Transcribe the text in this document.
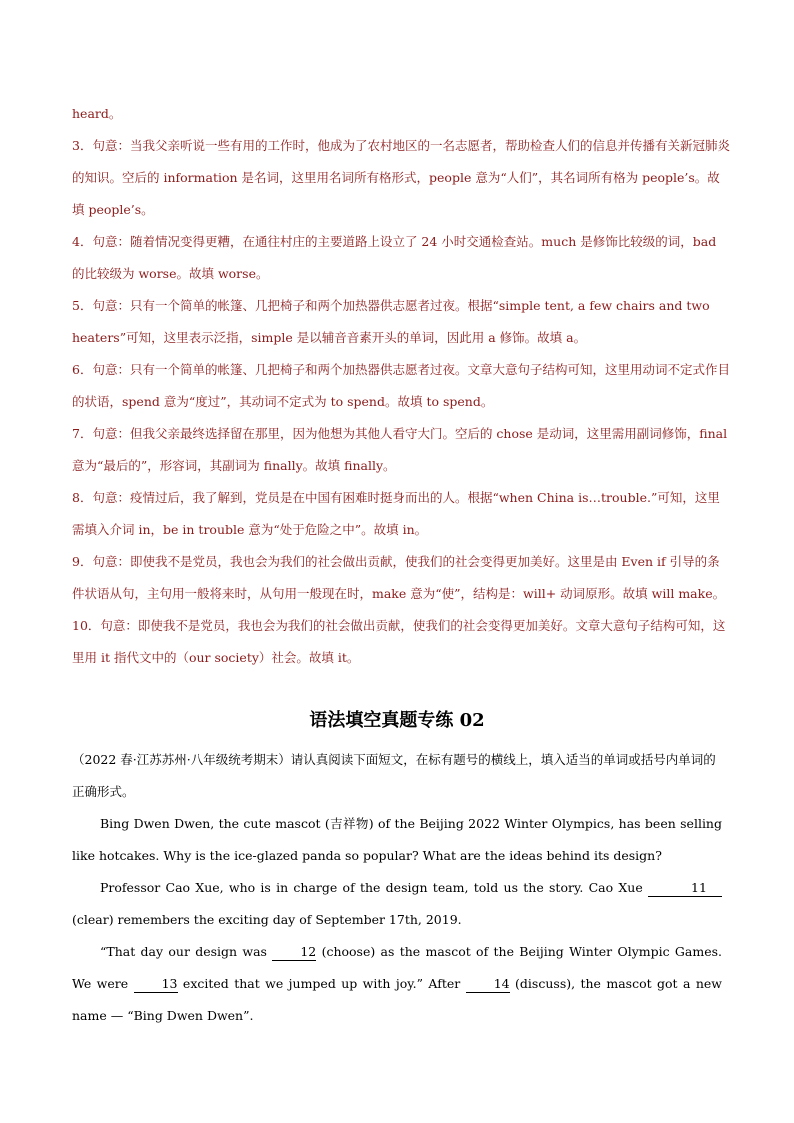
heard。

3．句意：当我父亲听说一些有用的工作时，他成为了农村地区的一名志愿者，帮助检查人们的信息并传播有关新冠肺炎的知识。空后的 information 是名词，这里用名词所有格形式，people 意为“人们”，其名词所有格为 people’s。故填 people’s。

4．句意：随着情况变得更糟，在通往村庄的主要道路上设立了 24 小时交通检查站。much 是修饰比较级的词，bad 的比较级为 worse。故填 worse。

5．句意：只有一个简单的帐篷、几把椅子和两个加热器供志愿者过夜。根据“simple tent, a few chairs and two heaters”可知，这里表示泛指，simple 是以辅音音素开头的单词，因此用 a 修饰。故填 a。

6．句意：只有一个简单的帐篷、几把椅子和两个加热器供志愿者过夜。文章大意句子结构可知，这里用动词不定式作目的状语，spend 意为“度过”，其动词不定式为 to spend。故填 to spend。

7．句意：但我父亲最终选择留在那里，因为他想为其他人看守大门。空后的 chose 是动词，这里需用副词修饰，final 意为“最后的”，形容词，其副词为 finally。故填 finally。

8．句意：疫情过后，我了解到，党员是在中国有困难时挺身而出的人。根据“when China is…trouble.”可知，这里需填入介词 in，be in trouble 意为“处于危险之中”。故填 in。

9．句意：即使我不是党员，我也会为我们的社会做出贡献，使我们的社会变得更加美好。这里是由 Even if 引导的条件状语从句，主句用一般将来时，从句用一般现在时，make 意为“使”，结构是：will+ 动词原形。故填 will make。

10．句意：即使我不是党员，我也会为我们的社会做出贡献，使我们的社会变得更加美好。文章大意句子结构可知，这里用 it 指代文中的（our society）社会。故填 it。

语法填空真题专练 02

（2022 春·江苏苏州·八年级统考期末）请认真阅读下面短文，在标有题号的横线上，填入适当的单词或括号内单词的正确形式。

Bing Dwen Dwen, the cute mascot (吉祥物) of the Beijing 2022 Winter Olympics, has been selling like hotcakes. Why is the ice-glazed panda so popular? What are the ideas behind its design?

Professor Cao Xue, who is in charge of the design team, told us the story. Cao Xue	11 (clear) remembers the exciting day of September 17th, 2019.

“That day our design was 12 (choose) as the mascot of the Beijing Winter Olympic Games. We were 13 excited that we jumped up with joy.” After 14 (discuss), the mascot got a new name — “Bing Dwen Dwen”.
